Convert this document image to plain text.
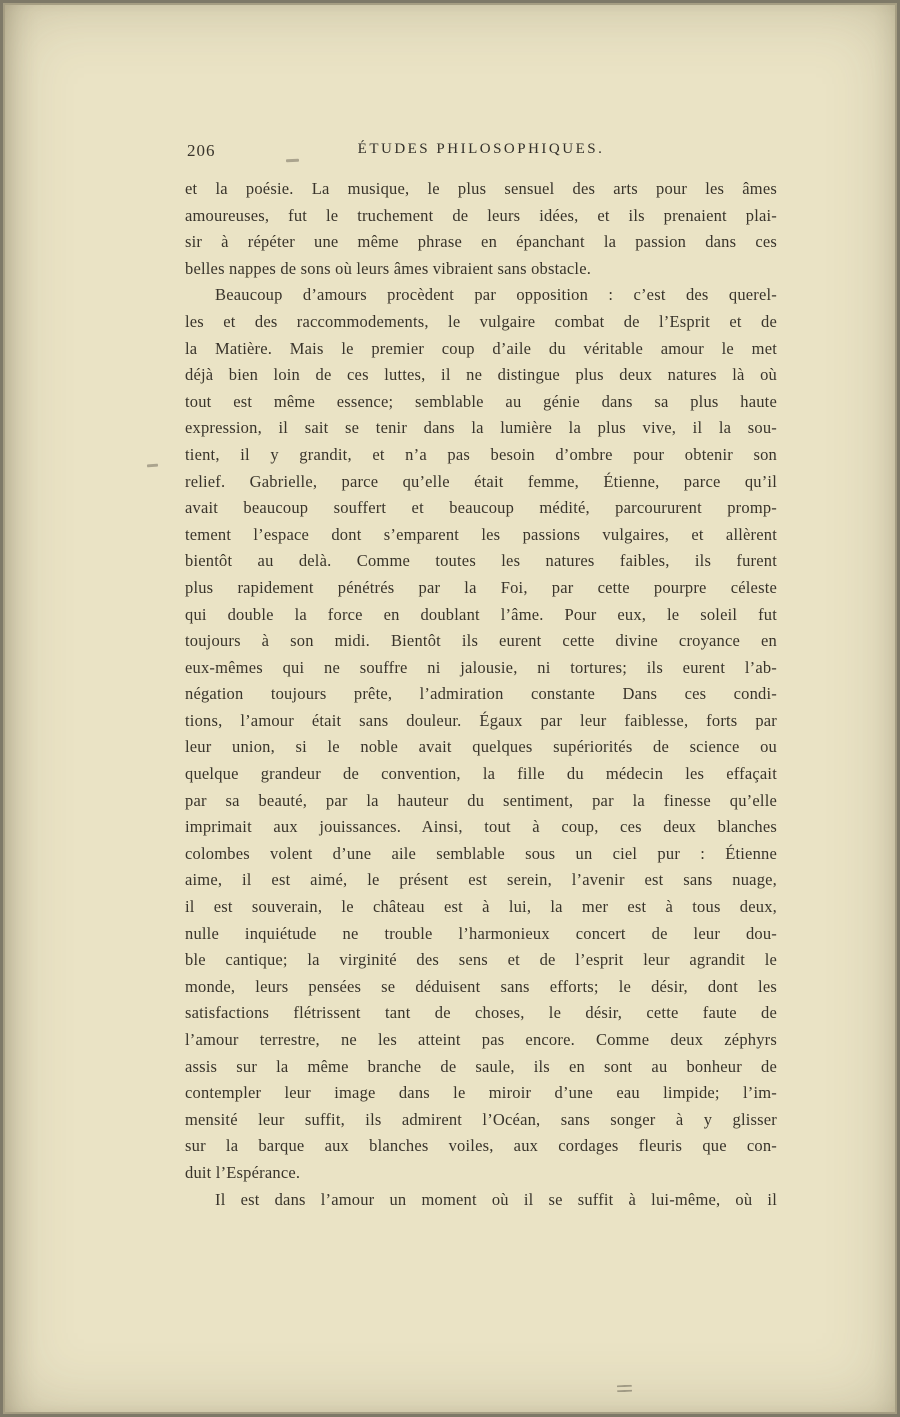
206	ÉTUDES PHILOSOPHIQUES.
et la poésie. La musique, le plus sensuel des arts pour les âmes
amoureuses, fut le truchement de leurs idées, et ils prenaient plai-
sir à répéter une même phrase en épanchant la passion dans ces
belles nappes de sons où leurs âmes vibraient sans obstacle.
Beaucoup d’amours procèdent par opposition : c’est des querel-
les et des raccommodements, le vulgaire combat de l’Esprit et de
la Matière. Mais le premier coup d’aile du véritable amour le met
déjà bien loin de ces luttes, il ne distingue plus deux natures là où
tout est même essence; semblable au génie dans sa plus haute
expression, il sait se tenir dans la lumière la plus vive, il la sou-
tient, il y grandit, et n’a pas besoin d’ombre pour obtenir son
relief. Gabrielle, parce qu’elle était femme, Étienne, parce qu’il
avait beaucoup souffert et beaucoup médité, parcoururent promp-
tement l’espace dont s’emparent les passions vulgaires, et allèrent
bientôt au delà. Comme toutes les natures faibles, ils furent
plus rapidement pénétrés par la Foi, par cette pourpre céleste
qui double la force en doublant l’âme. Pour eux, le soleil fut
toujours à son midi. Bientôt ils eurent cette divine croyance en
eux-mêmes qui ne souffre ni jalousie, ni tortures; ils eurent l’ab-
négation toujours prête, l’admiration constante Dans ces condi-
tions, l’amour était sans douleur. Égaux par leur faiblesse, forts par
leur union, si le noble avait quelques supériorités de science ou
quelque grandeur de convention, la fille du médecin les effaçait
par sa beauté, par la hauteur du sentiment, par la finesse qu’elle
imprimait aux jouissances. Ainsi, tout à coup, ces deux blanches
colombes volent d’une aile semblable sous un ciel pur : Étienne
aime, il est aimé, le présent est serein, l’avenir est sans nuage,
il est souverain, le château est à lui, la mer est à tous deux,
nulle inquiétude ne trouble l’harmonieux concert de leur dou-
ble cantique; la virginité des sens et de l’esprit leur agrandit le
monde, leurs pensées se déduisent sans efforts; le désir, dont les
satisfactions flétrissent tant de choses, le désir, cette faute de
l’amour terrestre, ne les atteint pas encore. Comme deux zéphyrs
assis sur la même branche de saule, ils en sont au bonheur de
contempler leur image dans le miroir d’une eau limpide; l’im-
mensité leur suffit, ils admirent l’Océan, sans songer à y glisser
sur la barque aux blanches voiles, aux cordages fleuris que con-
duit l’Espérance.
Il est dans l’amour un moment où il se suffit à lui-même, où il
